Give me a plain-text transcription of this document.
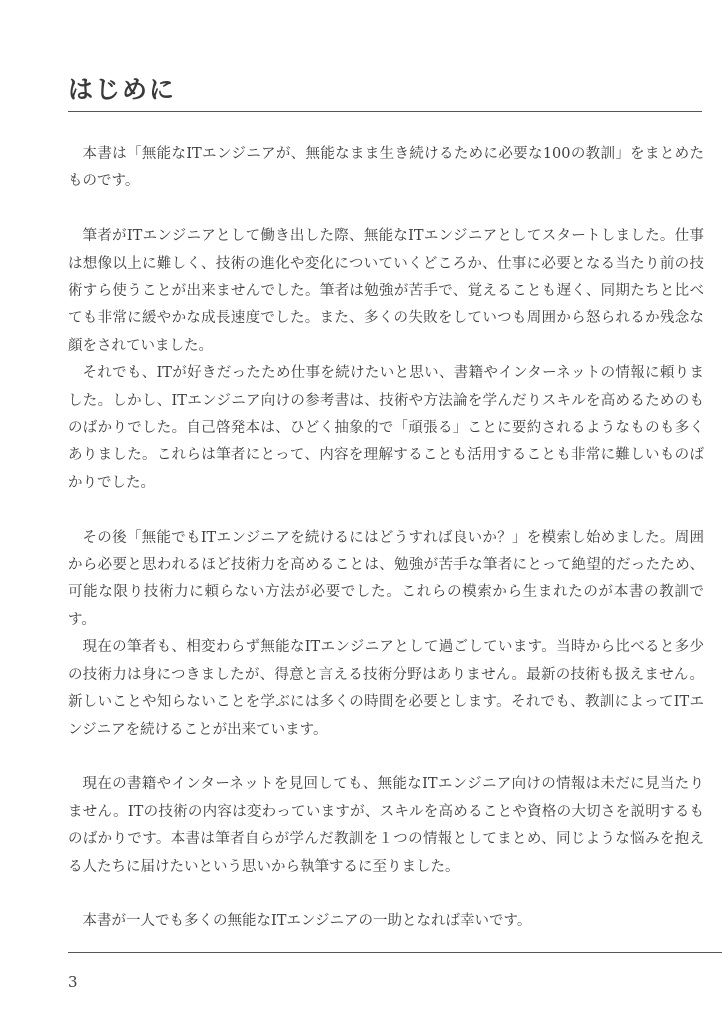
はじめに

本書は「無能なITエンジニアが、無能なまま生き続けるために必要な100の教訓」をまとめたものです。

筆者がITエンジニアとして働き出した際、無能なITエンジニアとしてスタートしました。仕事は想像以上に難しく、技術の進化や変化についていくどころか、仕事に必要となる当たり前の技術すら使うことが出来ませんでした。筆者は勉強が苦手で、覚えることも遅く、同期たちと比べても非常に緩やかな成長速度でした。また、多くの失敗をしていつも周囲から怒られるか残念な顔をされていました。

それでも、ITが好きだったため仕事を続けたいと思い、書籍やインターネットの情報に頼りました。しかし、ITエンジニア向けの参考書は、技術や方法論を学んだりスキルを高めるためのものばかりでした。自己啓発本は、ひどく抽象的で「頑張る」ことに要約されるようなものも多くありました。これらは筆者にとって、内容を理解することも活用することも非常に難しいものばかりでした。

その後「無能でもITエンジニアを続けるにはどうすれば良いか？」を模索し始めました。周囲から必要と思われるほど技術力を高めることは、勉強が苦手な筆者にとって絶望的だったため、可能な限り技術力に頼らない方法が必要でした。これらの模索から生まれたのが本書の教訓です。

現在の筆者も、相変わらず無能なITエンジニアとして過ごしています。当時から比べると多少の技術力は身につきましたが、得意と言える技術分野はありません。最新の技術も扱えません。新しいことや知らないことを学ぶには多くの時間を必要とします。それでも、教訓によってITエンジニアを続けることが出来ています。

現在の書籍やインターネットを見回しても、無能なITエンジニア向けの情報は未だに見当たりません。ITの技術の内容は変わっていますが、スキルを高めることや資格の大切さを説明するものばかりです。本書は筆者自らが学んだ教訓を１つの情報としてまとめ、同じような悩みを抱える人たちに届けたいという思いから執筆するに至りました。

本書が一人でも多くの無能なITエンジニアの一助となれば幸いです。

3
